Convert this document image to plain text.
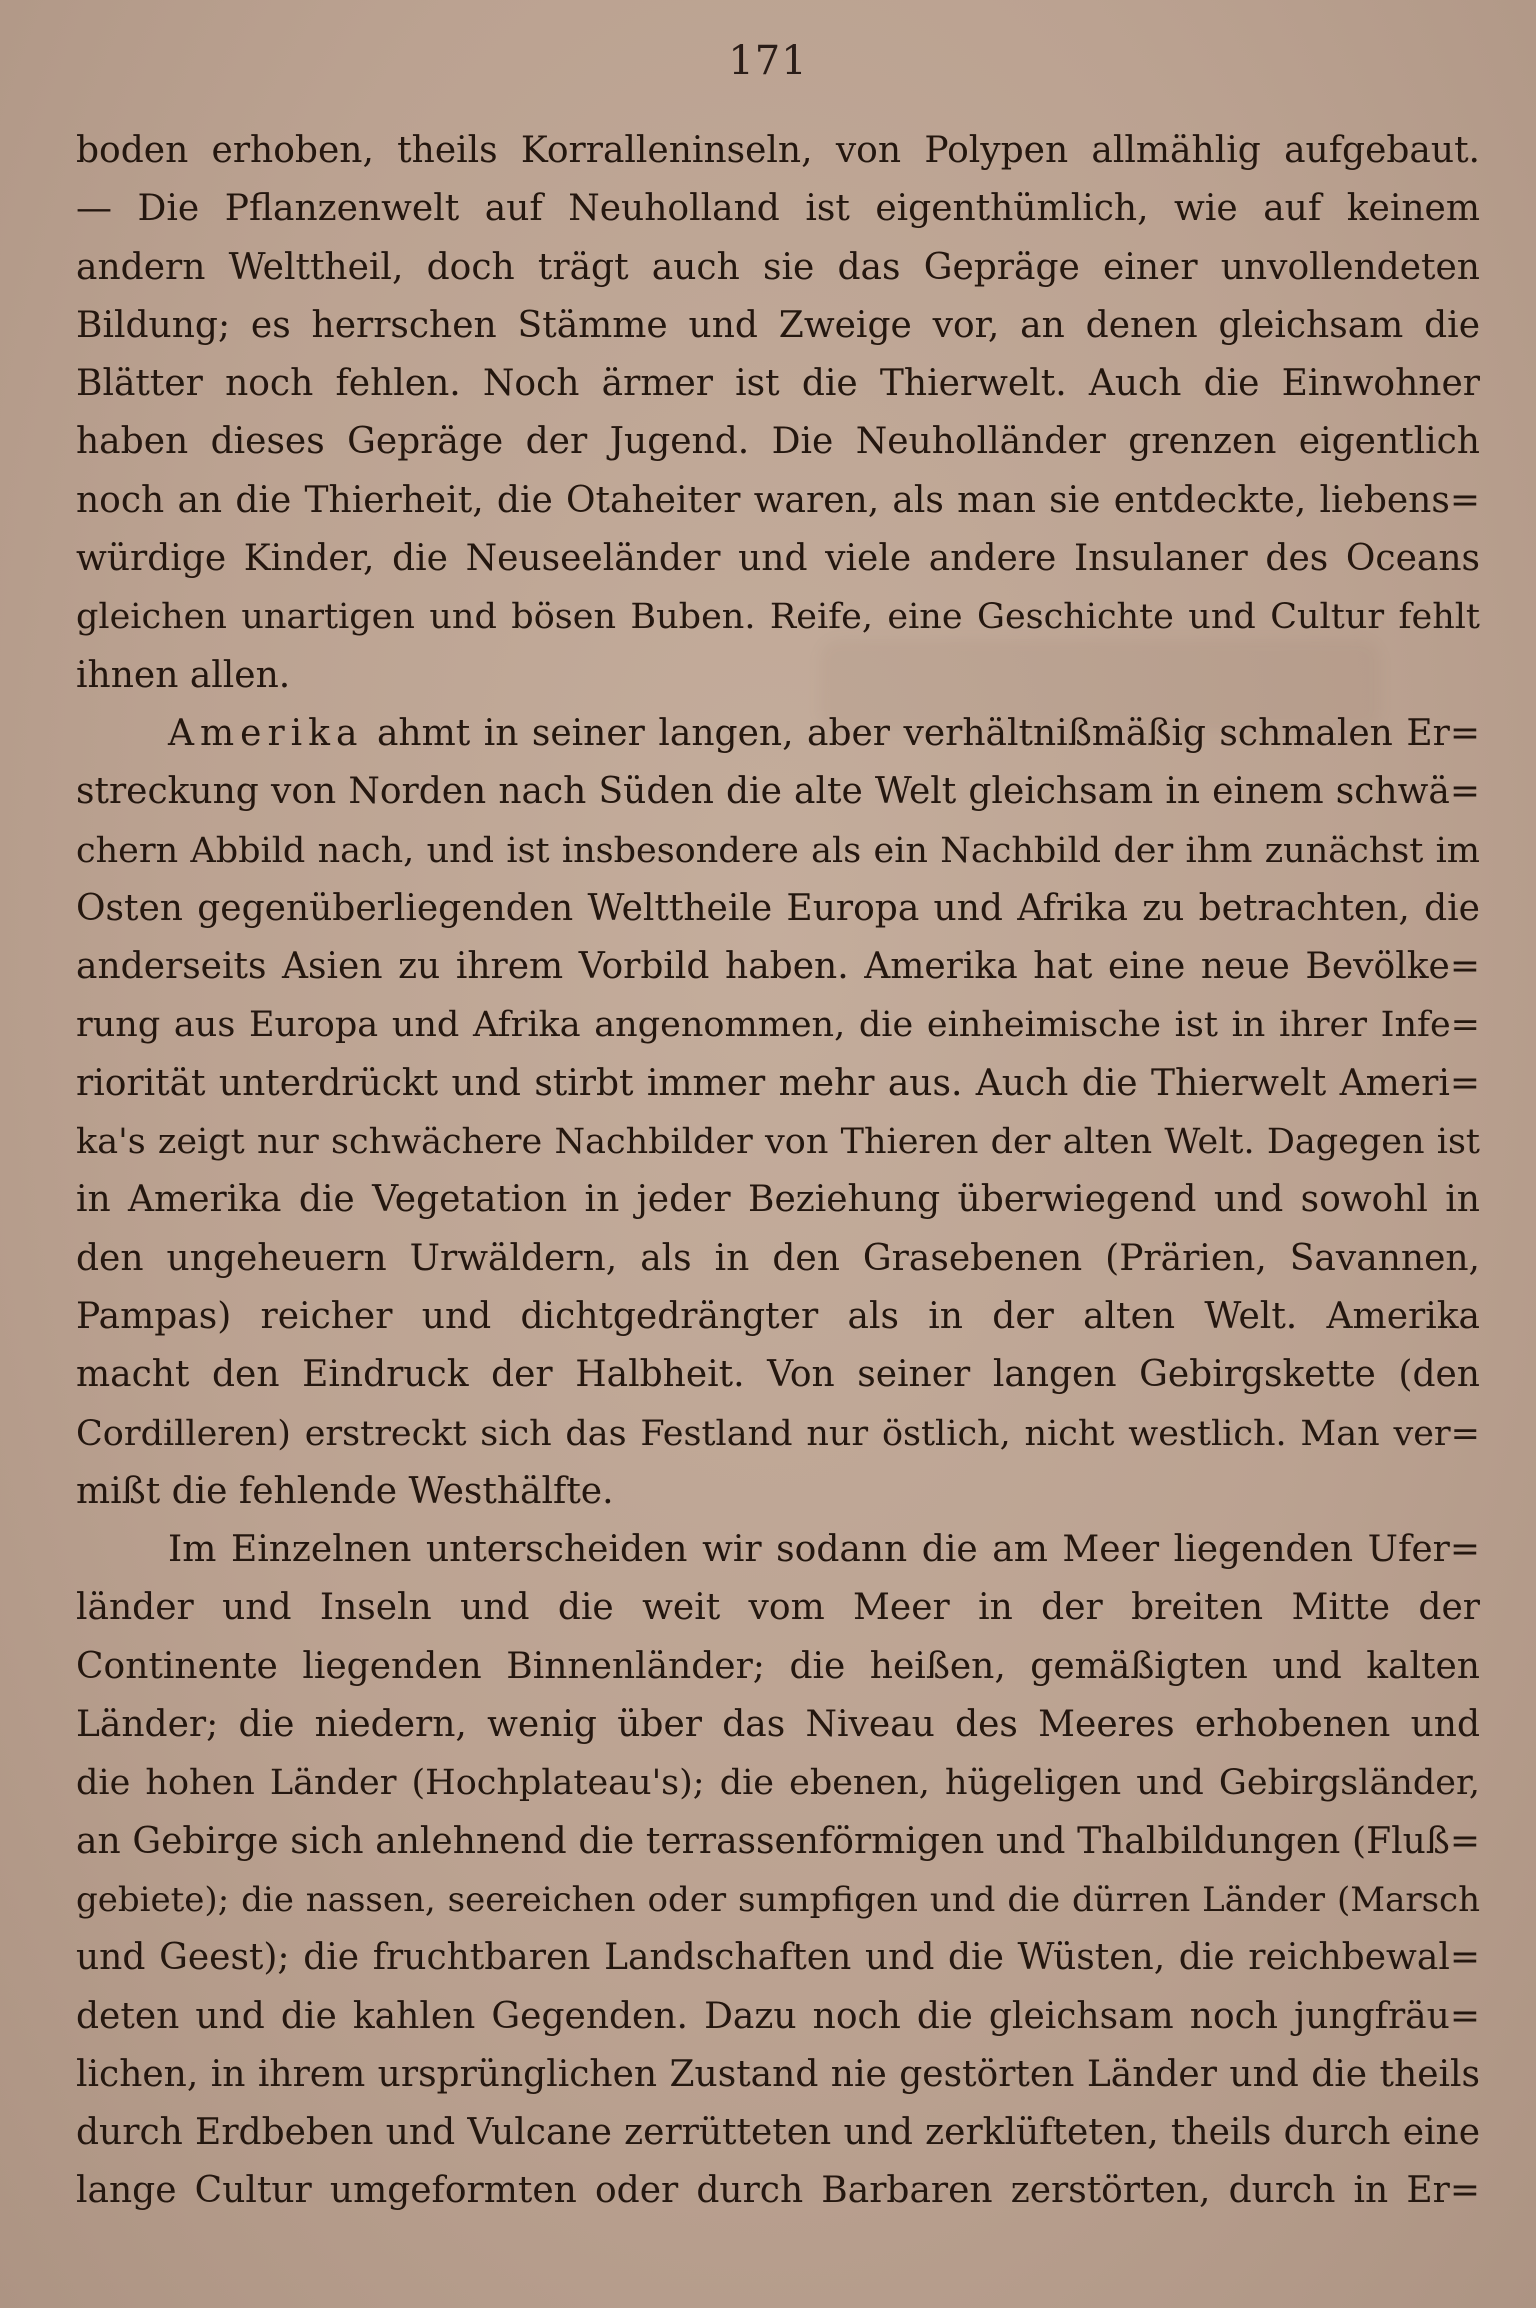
171
boden erhoben, theils Korralleninseln, von Polypen allmählig aufgebaut.
— Die Pflanzenwelt auf Neuholland ist eigenthümlich, wie auf keinem
andern Welttheil, doch trägt auch sie das Gepräge einer unvollendeten
Bildung; es herrschen Stämme und Zweige vor, an denen gleichsam die
Blätter noch fehlen. Noch ärmer ist die Thierwelt. Auch die Einwohner
haben dieses Gepräge der Jugend. Die Neuholländer grenzen eigentlich
noch an die Thierheit, die Otaheiter waren, als man sie entdeckte, liebens=
würdige Kinder, die Neuseeländer und viele andere Insulaner des Oceans
gleichen unartigen und bösen Buben. Reife, eine Geschichte und Cultur fehlt
ihnen allen.
Amerika ahmt in seiner langen, aber verhältnißmäßig schmalen Er=
streckung von Norden nach Süden die alte Welt gleichsam in einem schwä=
chern Abbild nach, und ist insbesondere als ein Nachbild der ihm zunächst im
Osten gegenüberliegenden Welttheile Europa und Afrika zu betrachten, die
anderseits Asien zu ihrem Vorbild haben. Amerika hat eine neue Bevölke=
rung aus Europa und Afrika angenommen, die einheimische ist in ihrer Infe=
riorität unterdrückt und stirbt immer mehr aus. Auch die Thierwelt Ameri=
ka's zeigt nur schwächere Nachbilder von Thieren der alten Welt. Dagegen ist
in Amerika die Vegetation in jeder Beziehung überwiegend und sowohl in
den ungeheuern Urwäldern, als in den Grasebenen (Prärien, Savannen,
Pampas) reicher und dichtgedrängter als in der alten Welt. Amerika
macht den Eindruck der Halbheit. Von seiner langen Gebirgskette (den
Cordilleren) erstreckt sich das Festland nur östlich, nicht westlich. Man ver=
mißt die fehlende Westhälfte.
Im Einzelnen unterscheiden wir sodann die am Meer liegenden Ufer=
länder und Inseln und die weit vom Meer in der breiten Mitte der
Continente liegenden Binnenländer; die heißen, gemäßigten und kalten
Länder; die niedern, wenig über das Niveau des Meeres erhobenen und
die hohen Länder (Hochplateau's); die ebenen, hügeligen und Gebirgsländer,
an Gebirge sich anlehnend die terrassenförmigen und Thalbildungen (Fluß=
gebiete); die nassen, seereichen oder sumpfigen und die dürren Länder (Marsch
und Geest); die fruchtbaren Landschaften und die Wüsten, die reichbewal=
deten und die kahlen Gegenden. Dazu noch die gleichsam noch jungfräu=
lichen, in ihrem ursprünglichen Zustand nie gestörten Länder und die theils
durch Erdbeben und Vulcane zerrütteten und zerklüfteten, theils durch eine
lange Cultur umgeformten oder durch Barbaren zerstörten, durch in Er=
